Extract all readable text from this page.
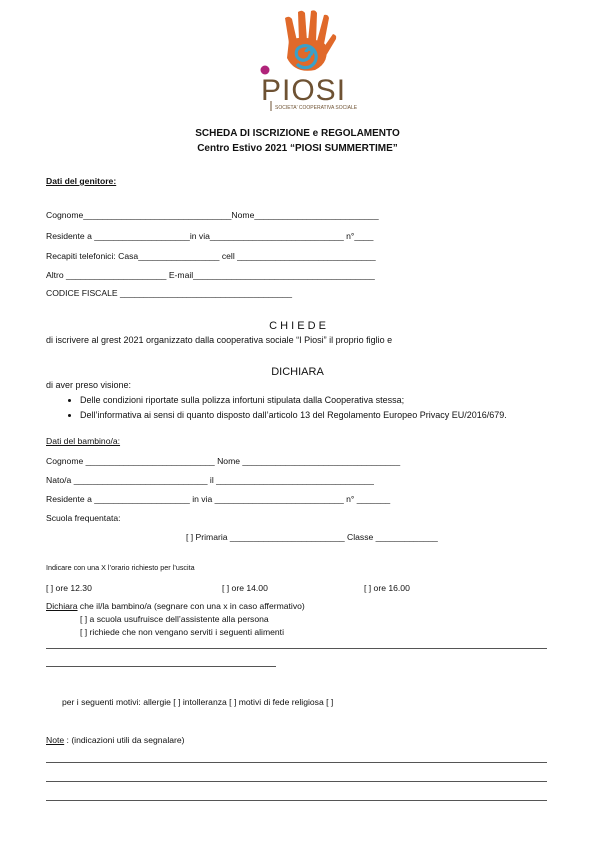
PIOSI
SOCIETA' COOPERATIVA SOCIALE
SCHEDA DI ISCRIZIONE e REGOLAMENTO
Centro Estivo 2021 “PIOSI SUMMERTIME”
Dati del genitore:
Cognome_______________________________Nome__________________________
Residente a ____________________in via____________________________ n°____
Recapiti telefonici: Casa_________________ cell _____________________________
Altro _____________________ E-mail______________________________________
CODICE FISCALE ____________________________________
C H I E D E
di iscrivere al grest 2021 organizzato dalla cooperativa sociale “I Piosi” il proprio figlio e
DICHIARA
di aver preso visione:
• Delle condizioni riportate sulla polizza infortuni stipulata dalla Cooperativa stessa;
• Dell’informativa ai sensi di quanto disposto dall’articolo 13 del Regolamento Europeo Privacy EU/2016/679.
Dati del bambino/a:
Cognome ___________________________ Nome _________________________________
Nato/a ____________________________ il _________________________________
Residente a ____________________ in via ___________________________ n° _______
Scuola frequentata:
[ ] Primaria ________________________ Classe _____________
Indicare con una X l’orario richiesto per l’uscita
[ ] ore 12.30	[ ] ore 14.00	[ ] ore 16.00
Dichiara che il/la bambino/a (segnare con una x in caso affermativo)
[ ] a scuola usufruisce dell’assistente alla persona
[ ] richiede che non vengano serviti i seguenti alimenti
per i seguenti motivi: allergie [ ] intolleranza [ ] motivi di fede religiosa [ ]
Note : (indicazioni utili da segnalare)
